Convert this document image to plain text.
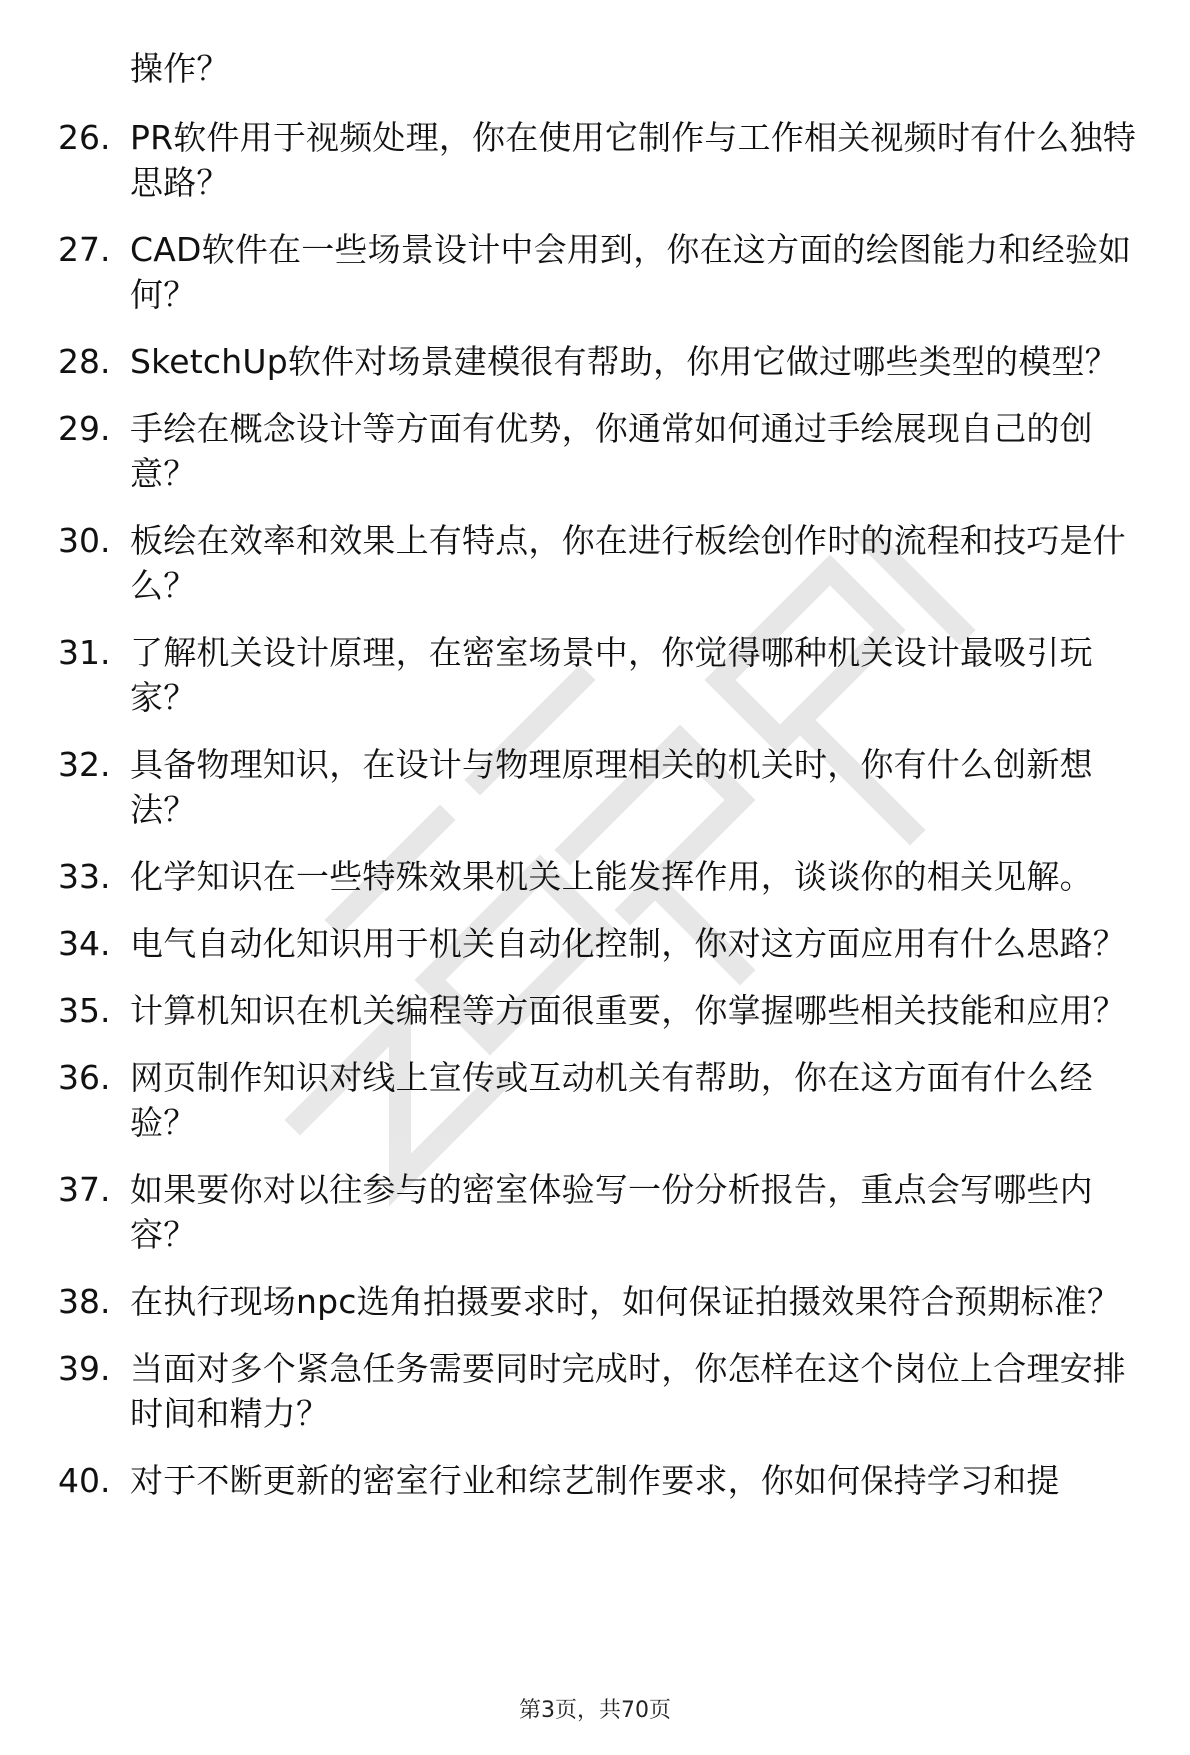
操作？
26. PR软件用于视频处理，你在使用它制作与工作相关视频时有什么独特思路？
27. CAD软件在一些场景设计中会用到，你在这方面的绘图能力和经验如何？
28. SketchUp软件对场景建模很有帮助，你用它做过哪些类型的模型？
29. 手绘在概念设计等方面有优势，你通常如何通过手绘展现自己的创意？
30. 板绘在效率和效果上有特点，你在进行板绘创作时的流程和技巧是什么？
31. 了解机关设计原理，在密室场景中，你觉得哪种机关设计最吸引玩家？
32. 具备物理知识，在设计与物理原理相关的机关时，你有什么创新想法？
33. 化学知识在一些特殊效果机关上能发挥作用，谈谈你的相关见解。
34. 电气自动化知识用于机关自动化控制，你对这方面应用有什么思路？
35. 计算机知识在机关编程等方面很重要，你掌握哪些相关技能和应用？
36. 网页制作知识对线上宣传或互动机关有帮助，你在这方面有什么经验？
37. 如果要你对以往参与的密室体验写一份分析报告，重点会写哪些内容？
38. 在执行现场npc选角拍摄要求时，如何保证拍摄效果符合预期标准？
39. 当面对多个紧急任务需要同时完成时，你怎样在这个岗位上合理安排时间和精力？
40. 对于不断更新的密室行业和综艺制作要求，你如何保持学习和提
第3页，共70页
